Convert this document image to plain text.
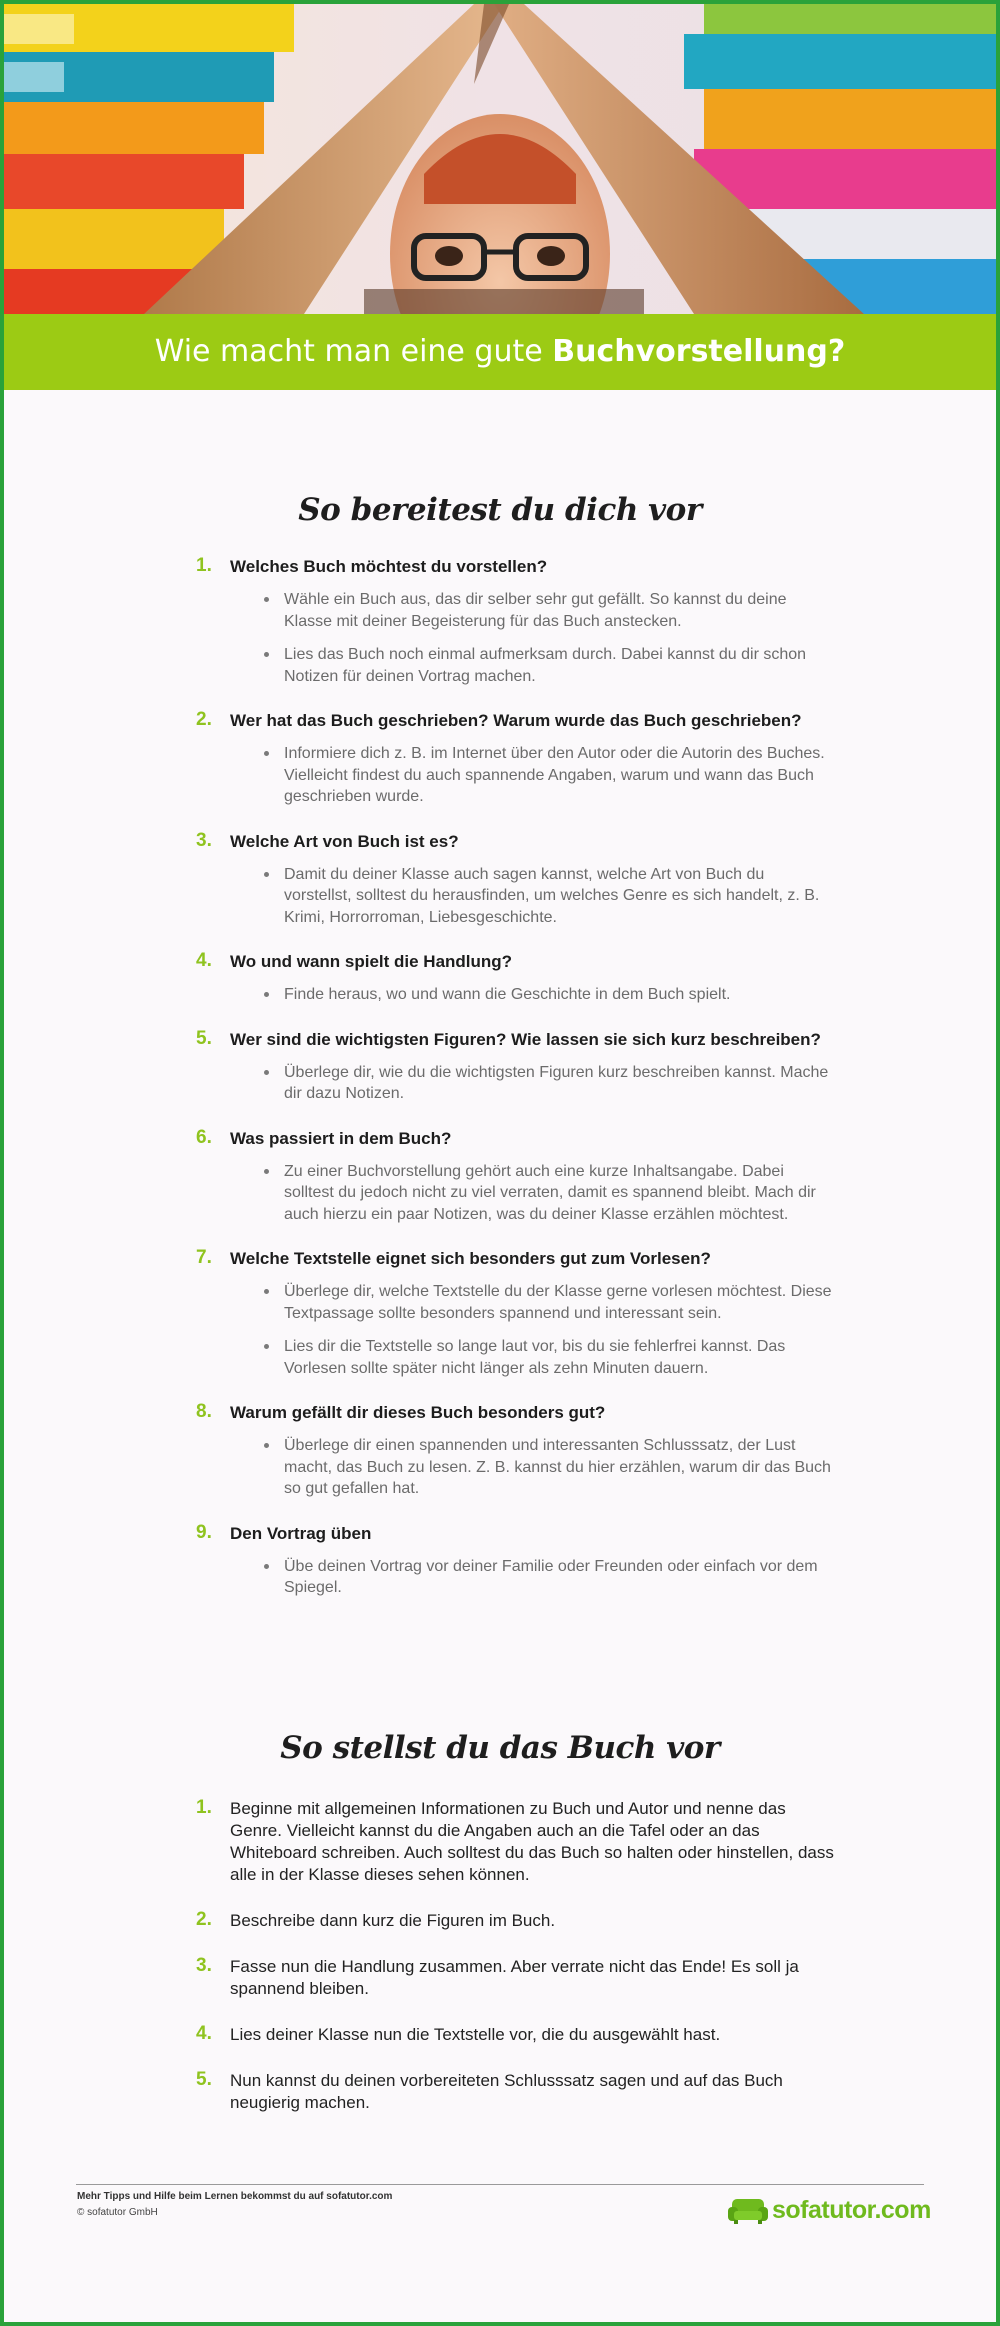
Wie macht man eine gute Buchvorstellung?
So bereitest du dich vor
1. Welches Buch möchtest du vorstellen?
Wähle ein Buch aus, das dir selber sehr gut gefällt. So kannst du deine Klasse mit deiner Begeisterung für das Buch anstecken.
Lies das Buch noch einmal aufmerksam durch. Dabei kannst du dir schon Notizen für deinen Vortrag machen.
2. Wer hat das Buch geschrieben? Warum wurde das Buch geschrieben?
Informiere dich z. B. im Internet über den Autor oder die Autorin des Buches. Vielleicht findest du auch spannende Angaben, warum und wann das Buch geschrieben wurde.
3. Welche Art von Buch ist es?
Damit du deiner Klasse auch sagen kannst, welche Art von Buch du vorstellst, solltest du herausfinden, um welches Genre es sich handelt, z. B. Krimi, Horrorroman, Liebesgeschichte.
4. Wo und wann spielt die Handlung?
Finde heraus, wo und wann die Geschichte in dem Buch spielt.
5. Wer sind die wichtigsten Figuren? Wie lassen sie sich kurz beschreiben?
Überlege dir, wie du die wichtigsten Figuren kurz beschreiben kannst. Mache dir dazu Notizen.
6. Was passiert in dem Buch?
Zu einer Buchvorstellung gehört auch eine kurze Inhaltsangabe. Dabei solltest du jedoch nicht zu viel verraten, damit es spannend bleibt. Mach dir auch hierzu ein paar Notizen, was du deiner Klasse erzählen möchtest.
7. Welche Textstelle eignet sich besonders gut zum Vorlesen?
Überlege dir, welche Textstelle du der Klasse gerne vorlesen möchtest. Diese Textpassage sollte besonders spannend und interessant sein.
Lies dir die Textstelle so lange laut vor, bis du sie fehlerfrei kannst. Das Vorlesen sollte später nicht länger als zehn Minuten dauern.
8. Warum gefällt dir dieses Buch besonders gut?
Überlege dir einen spannenden und interessanten Schlusssatz, der Lust macht, das Buch zu lesen. Z. B. kannst du hier erzählen, warum dir das Buch so gut gefallen hat.
9. Den Vortrag üben
Übe deinen Vortrag vor deiner Familie oder Freunden oder einfach vor dem Spiegel.
So stellst du das Buch vor
1. Beginne mit allgemeinen Informationen zu Buch und Autor und nenne das Genre. Vielleicht kannst du die Angaben auch an die Tafel oder an das Whiteboard schreiben. Auch solltest du das Buch so halten oder hinstellen, dass alle in der Klasse dieses sehen können.
2. Beschreibe dann kurz die Figuren im Buch.
3. Fasse nun die Handlung zusammen. Aber verrate nicht das Ende! Es soll ja spannend bleiben.
4. Lies deiner Klasse nun die Textstelle vor, die du ausgewählt hast.
5. Nun kannst du deinen vorbereiteten Schlusssatz sagen und auf das Buch neugierig machen.
Mehr Tipps und Hilfe beim Lernen bekommst du auf sofatutor.com
© sofatutor GmbH	sofatutor.com
